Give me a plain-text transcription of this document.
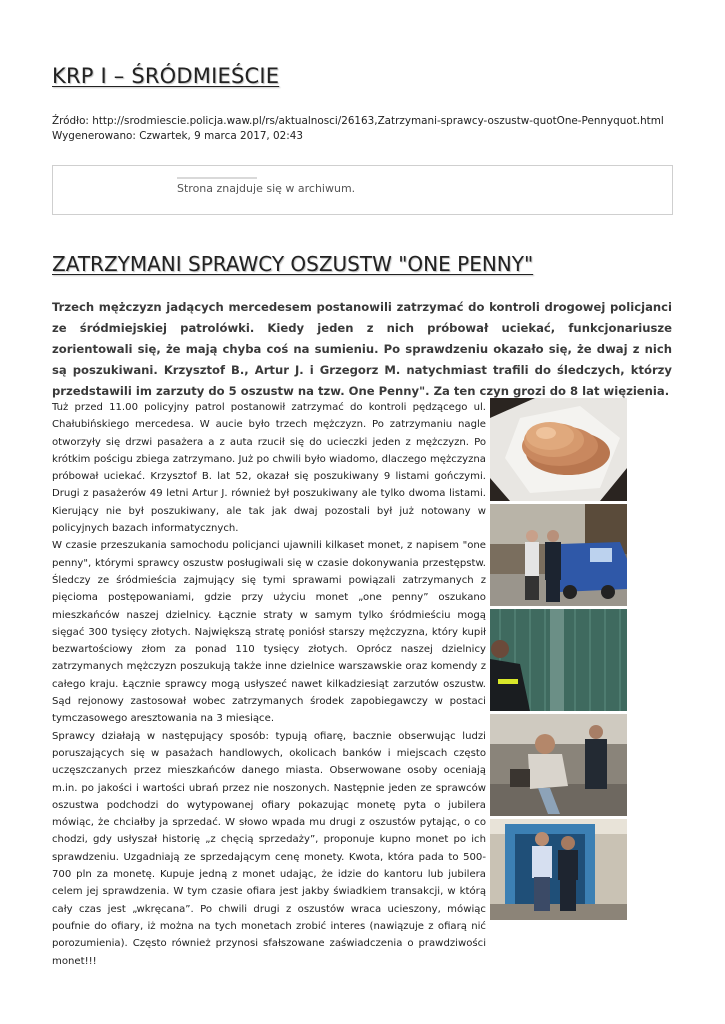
KRP I – ŚRÓDMIEŚCIE
Źródło: http://srodmiescie.policja.waw.pl/rs/aktualnosci/26163,Zatrzymani-sprawcy-oszustw-quotOne-Pennyquot.html
Wygenerowano: Czwartek, 9 marca 2017, 02:43
Strona znajduje się w archiwum.
ZATRZYMANI SPRAWCY OSZUSTW "ONE PENNY"

Trzech mężczyzn jadących mercedesem postanowili zatrzymać do kontroli drogowej policjanci ze śródmiejskiej patrolówki. Kiedy jeden z nich próbował uciekać, funkcjonariusze zorientowali się, że mają chyba coś na sumieniu. Po sprawdzeniu okazało się, że dwaj z nich są poszukiwani. Krzysztof B., Artur J. i Grzegorz M. natychmiast trafili do śledczych, którzy przedstawili im zarzuty do 5 oszustw na tzw. One Penny". Za ten czyn grozi do 8 lat więzienia.

Tuż przed 11.00 policyjny patrol postanowił zatrzymać do kontroli pędzącego ul. Chałubińskiego mercedesa. W aucie było trzech mężczyzn. Po zatrzymaniu nagle otworzyły się drzwi pasażera a z auta rzucił się do ucieczki jeden z mężczyzn. Po krótkim pościgu zbiega zatrzymano. Już po chwili było wiadomo, dlaczego mężczyzna próbował uciekać. Krzysztof B. lat 52, okazał się poszukiwany 9 listami gończymi. Drugi z pasażerów 49 letni Artur J. również był poszukiwany ale tylko dwoma listami. Kierujący nie był poszukiwany, ale tak jak dwaj pozostali był już notowany w policyjnych bazach informatycznych.

W czasie przeszukania samochodu policjanci ujawnili kilkaset monet, z napisem "one penny", którymi sprawcy oszustw posługiwali się w czasie dokonywania przestępstw. Śledczy ze śródmieścia zajmujący się tymi sprawami powiązali zatrzymanych z pięcioma postępowaniami, gdzie przy użyciu monet „one penny” oszukano mieszkańców naszej dzielnicy. Łącznie straty w samym tylko śródmieściu mogą sięgać 300 tysięcy złotych. Największą stratę poniósł starszy mężczyzna, który kupił bezwartościowy złom za ponad 110 tysięcy złotych. Oprócz naszej dzielnicy zatrzymanych mężczyzn poszukują także inne dzielnice warszawskie oraz komendy z całego kraju. Łącznie sprawcy mogą usłyszeć nawet kilkadziesiąt zarzutów oszustw. Sąd rejonowy zastosował wobec zatrzymanych środek zapobiegawczy w postaci tymczasowego aresztowania na 3 miesiące.

Sprawcy działają w następujący sposób: typują ofiarę, bacznie obserwując ludzi poruszających się w pasażach handlowych, okolicach banków i miejscach często uczęszczanych przez mieszkańców danego miasta. Obserwowane osoby oceniają m.in. po jakości i wartości ubrań przez nie noszonych. Następnie jeden ze sprawców oszustwa podchodzi do wytypowanej ofiary pokazując monetę pyta o jubilera mówiąc, że chciałby ja sprzedać. W słowo wpada mu drugi z oszustów pytając, o co chodzi, gdy usłyszał historię „z chęcią sprzedaży”, proponuje kupno monet po ich sprawdzeniu. Uzgadniają ze sprzedającym cenę monety. Kwota, która pada to 500-700 pln za monetę. Kupuje jedną z monet udając, że idzie do kantoru lub jubilera celem jej sprawdzenia. W tym czasie ofiara jest jakby świadkiem transakcji, w którą cały czas jest „wkręcana”. Po chwili drugi z oszustów wraca ucieszony, mówiąc poufnie do ofiary, iż można na tych monetach zrobić interes (nawiązuje z ofiarą nić porozumienia). Często również przynosi sfałszowane zaświadczenia o prawdziwości monet!!!
